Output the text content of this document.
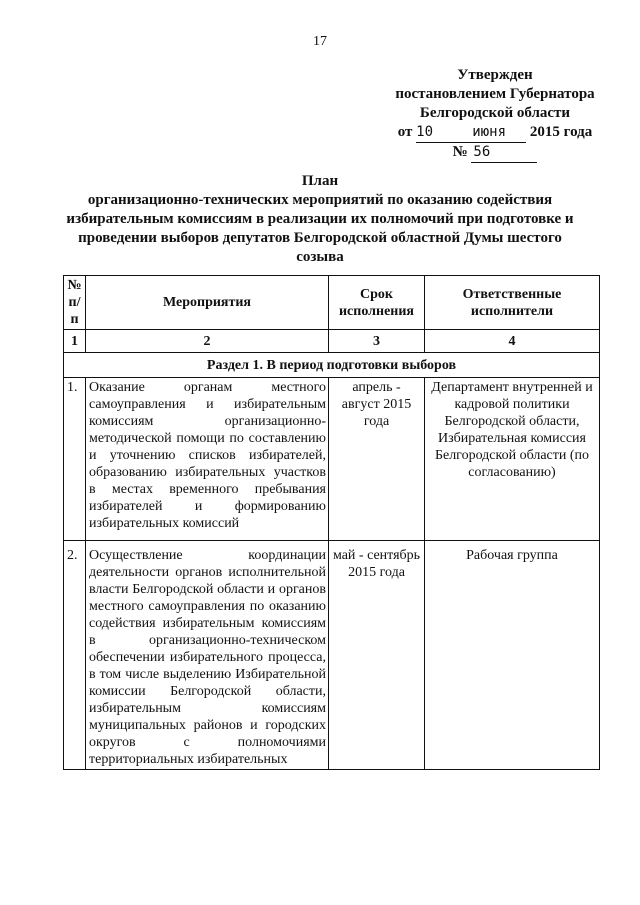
17
Утвержден
постановлением Губернатора
Белгородской области
от 10	июня 2015 года
№ 56
План
организационно-технических мероприятий по оказанию содействия
избирательным комиссиям в реализации их полномочий при подготовке и
проведении выборов депутатов Белгородской областной Думы шестого
созыва
№ п/п	Мероприятия	Срок исполнения	Ответственные исполнители
1	2	3	4
Раздел 1. В период подготовки выборов			
1.	Оказание органам местного самоуправления и избирательным комиссиям организационно-методической помощи по составлению и уточнению списков избирателей, образованию избирательных участков в местах временного пребывания избирателей и формированию избирательных комиссий	апрель - август 2015 года	Департамент внутренней и кадровой политики Белгородской области, Избирательная комиссия Белгородской области (по согласованию)
2.	Осуществление координации деятельности органов исполнительной власти Белгородской области и органов местного самоуправления по оказанию содействия избирательным комиссиям в организационно-техническом обеспечении избирательного процесса, в том числе выделению Избирательной комиссии Белгородской области, избирательным комиссиям муниципальных районов и городских округов с полномочиями территориальных избирательных	май - сентябрь 2015 года	Рабочая группа
